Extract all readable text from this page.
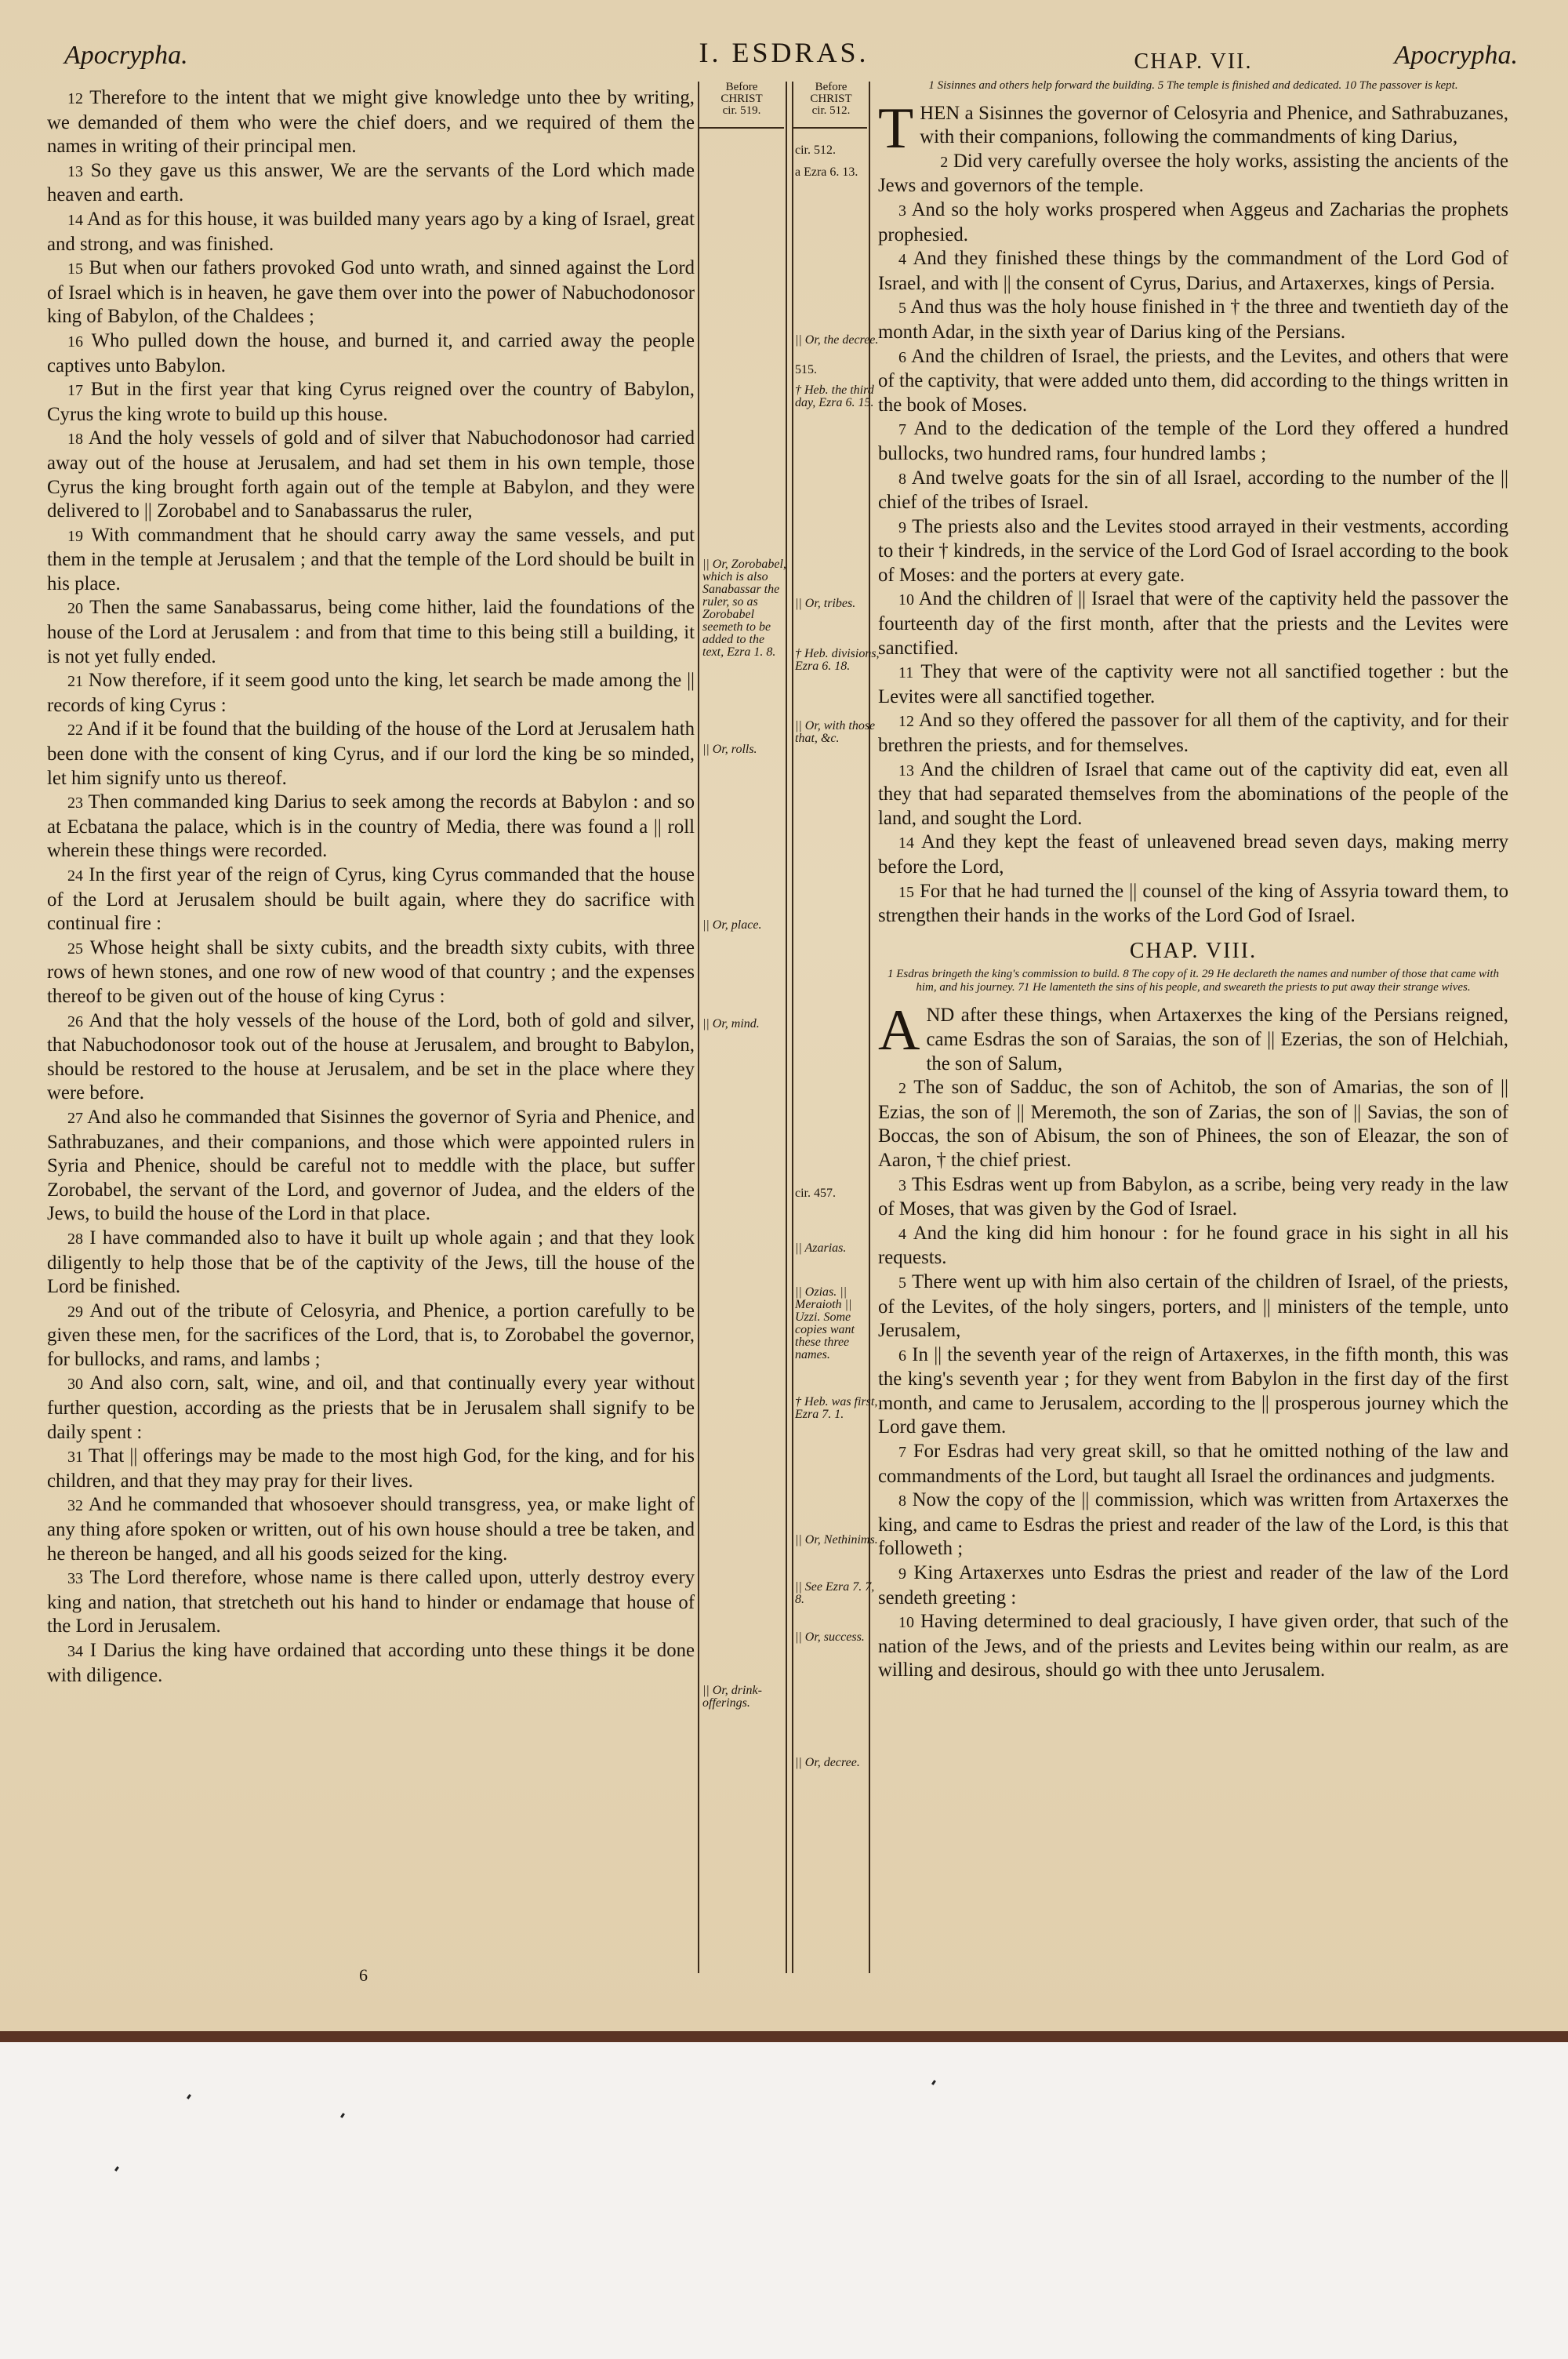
Apocrypha.	I. ESDRAS.	Apocrypha.
Before
CHRIST
cir. 519.
Before
CHRIST
cir. 512.
|| Or, Zorobabel, which is also Sanabassar the ruler, so as Zorobabel seemeth to be added to the text, Ezra 1. 8.
|| Or, rolls.
|| Or, place.
|| Or, mind.
|| Or, drink-offerings.
cir. 512.
a Ezra 6. 13.
|| Or, the decree.
515.
† Heb. the third day, Ezra 6. 15.
|| Or, tribes.
† Heb. divisions, Ezra 6. 18.
|| Or, with those that, &c.
cir. 457.
|| Azarias.
|| Ozias. || Meraioth || Uzzi. Some copies want these three names.
† Heb. was first, Ezra 7. 1.
|| Or, Nethinims.
|| See Ezra 7. 7, 8.
|| Or, success.
|| Or, decree.

12 Therefore to the intent that we might give knowledge unto thee by writing, we demanded of them who were the chief doers, and we required of them the names in writing of their principal men.

13 So they gave us this answer, We are the servants of the Lord which made heaven and earth.

14 And as for this house, it was builded many years ago by a king of Israel, great and strong, and was finished.

15 But when our fathers provoked God unto wrath, and sinned against the Lord of Israel which is in heaven, he gave them over into the power of Nabuchodonosor king of Babylon, of the Chaldees ;

16 Who pulled down the house, and burned it, and carried away the people captives unto Babylon.

17 But in the first year that king Cyrus reigned over the country of Babylon, Cyrus the king wrote to build up this house.

18 And the holy vessels of gold and of silver that Nabuchodonosor had carried away out of the house at Jerusalem, and had set them in his own temple, those Cyrus the king brought forth again out of the temple at Babylon, and they were delivered to || Zorobabel and to Sanabassarus the ruler,

19 With commandment that he should carry away the same vessels, and put them in the temple at Jerusalem ; and that the temple of the Lord should be built in his place.

20 Then the same Sanabassarus, being come hither, laid the foundations of the house of the Lord at Jerusalem : and from that time to this being still a building, it is not yet fully ended.

21 Now therefore, if it seem good unto the king, let search be made among the || records of king Cyrus :

22 And if it be found that the building of the house of the Lord at Jerusalem hath been done with the consent of king Cyrus, and if our lord the king be so minded, let him signify unto us thereof.

23 Then commanded king Darius to seek among the records at Babylon : and so at Ecbatana the palace, which is in the country of Media, there was found a || roll wherein these things were recorded.

24 In the first year of the reign of Cyrus, king Cyrus commanded that the house of the Lord at Jerusalem should be built again, where they do sacrifice with continual fire :

25 Whose height shall be sixty cubits, and the breadth sixty cubits, with three rows of hewn stones, and one row of new wood of that country ; and the expenses thereof to be given out of the house of king Cyrus :

26 And that the holy vessels of the house of the Lord, both of gold and silver, that Nabuchodonosor took out of the house at Jerusalem, and brought to Babylon, should be restored to the house at Jerusalem, and be set in the place where they were before.

27 And also he commanded that Sisinnes the governor of Syria and Phenice, and Sathrabuzanes, and their companions, and those which were appointed rulers in Syria and Phenice, should be careful not to meddle with the place, but suffer Zorobabel, the servant of the Lord, and governor of Judea, and the elders of the Jews, to build the house of the Lord in that place.

28 I have commanded also to have it built up whole again ; and that they look diligently to help those that be of the captivity of the Jews, till the house of the Lord be finished.

29 And out of the tribute of Celosyria, and Phenice, a portion carefully to be given these men, for the sacrifices of the Lord, that is, to Zorobabel the governor, for bullocks, and rams, and lambs ;

30 And also corn, salt, wine, and oil, and that continually every year without further question, according as the priests that be in Jerusalem shall signify to be daily spent :

31 That || offerings may be made to the most high God, for the king, and for his children, and that they may pray for their lives.

32 And he commanded that whosoever should transgress, yea, or make light of any thing afore spoken or written, out of his own house should a tree be taken, and he thereon be hanged, and all his goods seized for the king.

33 The Lord therefore, whose name is there called upon, utterly destroy every king and nation, that stretcheth out his hand to hinder or endamage that house of the Lord in Jerusalem.

34 I Darius the king have ordained that according unto these things it be done with diligence.

CHAP. VII.
1 Sisinnes and others help forward the building. 5 The temple is finished and dedicated. 10 The passover is kept.

THEN a Sisinnes the governor of Celosyria and Phenice, and Sathrabuzanes, with their companions, following the commandments of king Darius,

2 Did very carefully oversee the holy works, assisting the ancients of the Jews and governors of the temple.

3 And so the holy works prospered when Aggeus and Zacharias the prophets prophesied.

4 And they finished these things by the commandment of the Lord God of Israel, and with || the consent of Cyrus, Darius, and Artaxerxes, kings of Persia.

5 And thus was the holy house finished in † the three and twentieth day of the month Adar, in the sixth year of Darius king of the Persians.

6 And the children of Israel, the priests, and the Levites, and others that were of the captivity, that were added unto them, did according to the things written in the book of Moses.

7 And to the dedication of the temple of the Lord they offered a hundred bullocks, two hundred rams, four hundred lambs ;

8 And twelve goats for the sin of all Israel, according to the number of the || chief of the tribes of Israel.

9 The priests also and the Levites stood arrayed in their vestments, according to their † kindreds, in the service of the Lord God of Israel according to the book of Moses: and the porters at every gate.

10 And the children of || Israel that were of the captivity held the passover the fourteenth day of the first month, after that the priests and the Levites were sanctified.

11 They that were of the captivity were not all sanctified together : but the Levites were all sanctified together.

12 And so they offered the passover for all them of the captivity, and for their brethren the priests, and for themselves.

13 And the children of Israel that came out of the captivity did eat, even all they that had separated themselves from the abominations of the people of the land, and sought the Lord.

14 And they kept the feast of unleavened bread seven days, making merry before the Lord,

15 For that he had turned the || counsel of the king of Assyria toward them, to strengthen their hands in the works of the Lord God of Israel.

CHAP. VIII.
1 Esdras bringeth the king's commission to build. 8 The copy of it. 29 He declareth the names and number of those that came with him, and his journey. 71 He lamenteth the sins of his people, and sweareth the priests to put away their strange wives.

AND after these things, when Artaxerxes the king of the Persians reigned, came Esdras the son of Saraias, the son of || Ezerias, the son of Helchiah, the son of Salum,

2 The son of Sadduc, the son of Achitob, the son of Amarias, the son of || Ezias, the son of || Meremoth, the son of Zarias, the son of || Savias, the son of Boccas, the son of Abisum, the son of Phinees, the son of Eleazar, the son of Aaron, † the chief priest.

3 This Esdras went up from Babylon, as a scribe, being very ready in the law of Moses, that was given by the God of Israel.

4 And the king did him honour : for he found grace in his sight in all his requests.

5 There went up with him also certain of the children of Israel, of the priests, of the Levites, of the holy singers, porters, and || ministers of the temple, unto Jerusalem,

6 In || the seventh year of the reign of Artaxerxes, in the fifth month, this was the king's seventh year ; for they went from Babylon in the first day of the first month, and came to Jerusalem, according to the || prosperous journey which the Lord gave them.

7 For Esdras had very great skill, so that he omitted nothing of the law and commandments of the Lord, but taught all Israel the ordinances and judgments.

8 Now the copy of the || commission, which was written from Artaxerxes the king, and came to Esdras the priest and reader of the law of the Lord, is this that followeth ;

9 King Artaxerxes unto Esdras the priest and reader of the law of the Lord sendeth greeting :

10 Having determined to deal graciously, I have given order, that such of the nation of the Jews, and of the priests and Levites being within our realm, as are willing and desirous, should go with thee unto Jerusalem.

6
